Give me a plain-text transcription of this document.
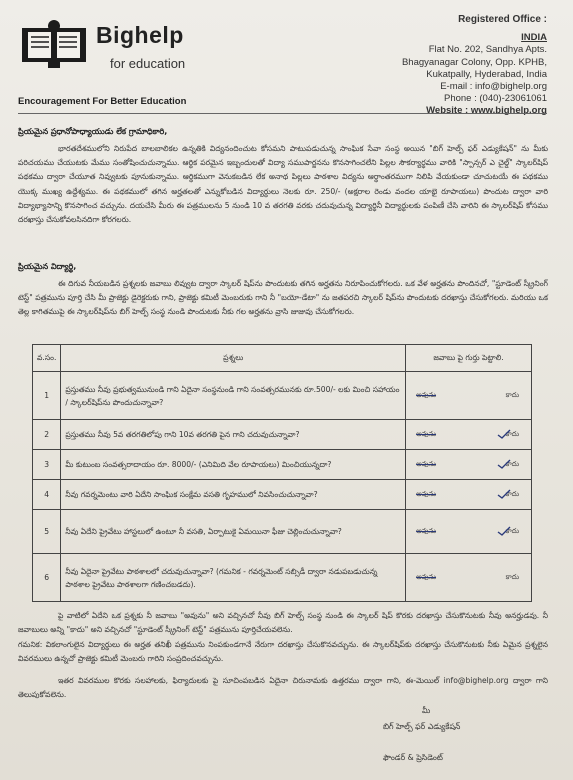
Bighelp
for education
Encouragement For Better Education
Registered Office :
INDIA
Flat No. 202, Sandhya Apts.
Bhagyanagar Colony, Opp. KPHB,
Kukatpally, Hyderabad, India
E-mail : info@bighelp.org
Phone : (040)-23061061
Website : www.bighelp.org
ప్రియమైన ప్రధానోపాధ్యాయుడు లేక గ్రామాధికారి,
భారతదేశములోని నిరుపేద బాలబాలికల ఉన్నతికి విద్యనందించుట కోసమని పాటుపడుచున్న సాంఘిక సేవా సంస్థ అయిన "బిగ్ హెల్ప్ ఫర్ ఎడ్యుకేషన్" ను మీకు పరిచయము చేయుటకు మేము సంతోషించుచున్నాము. ఆర్థిక పరమైన ఇబ్బందులతో విద్యా సముపార్జనను కొనసాగించలేని పిల్లల సౌకర్యార్థము వారికి "స్పాన్సర్ ఎ చైల్డ్" స్కాలర్‌షిప్ పథకము ద్వారా చేయూత నివ్వుటకు పూనుకున్నాము. ఆర్థికముగా వెనుకబడిన లేక అనాథ పిల్లలు పాఠశాల విద్యను ఆర్థాంతరముగా నిలిపి వేయకుండా చూచుటయే ఈ పథకము యొక్క ముఖ్య ఉద్దేశ్యము. ఈ పథకములో తగిన అర్హతలతో ఎన్నుకోబడిన విద్యార్థులు నెలకు రూ. 250/- (అక్షరాల రెండు వందల యాభై రూపాయలు) పొందుట ద్వారా వారి విద్యాభ్యాసాన్ని కొనసాగించ వచ్చును. దయచేసి మీరు ఈ పత్రములను 5 నుండి 10 వ తరగతి వరకు చదువుచున్న విద్యార్థినీ విద్యార్థులకు పంపిణీ చేసి వారిని ఈ స్కాలర్‌షిప్ కోసము దరఖాస్తు చేసుకోవలసినదిగా కోరగలరు.
ప్రియమైన విద్యార్థి,
ఈ దిగువ నీయబడిన ప్రశ్నలకు జవాబు లివ్వుట ద్వారా స్కాలర్ షిప్‌ను పొందుటకు తగిన అర్హతను నిరూపించుకోగలరు. ఒక వేళ అర్హతను పొందినచో, "స్టూడెంట్ స్క్రీనింగ్ టెస్ట్" పత్రమును పూర్తి చేసి మీ ప్రాజెక్టు డైరెక్టరుకు గాని, ప్రాజెక్టు కమిటీ మెంబరుకు గాని నీ "బయో-డేటా" ను జతపరచి స్కాలర్ షిప్‌ను పొందుటకు దరఖాస్తు చేసుకోగలరు. మరియు ఒక తెల్ల కాగితముపై ఈ స్కాలర్‌షిప్‌ను బిగ్ హెల్ప్ సంస్థ నుండి పొందుటకు నీకు గల అర్హతను వ్రాసి జుజువు చేసుకోగలరు.
వ.సం.	ప్రశ్నలు	జవాబు పై గుర్తు పెట్టాలి.
1	ప్రస్తుతము నీవు ప్రభుత్వమునుండి గాని ఏదైనా సంస్థనుండి గాని సంవత్సరమునకు రూ.500/- లకు మించి సహాయం / స్కాలర్‌షిప్‌ను పొందుచున్నావా?	అవును కాదు

2	ప్రస్తుతము నీవు 5వ తరగతిలోపు గాని 10వ తరగతి పైన గాని చదువుచున్నావా?	అవును కాదు

3	మీ కుటుంబ సంవత్సరాదాయం రూ. 8000/- (ఎనిమిది వేల రూపాయలు) మించియున్నదా?	అవును కాదు

4	నీవు గవర్నమెంటు వారి ఏదేని సాంఘిక సంక్షేమ వసతి గృహములో నివసించుచున్నావా?	అవును కాదు

5	నీవు ఏదేని ప్రైవేటు హాస్టలులో ఉంటూ నీ వసతి, ఏర్పాటుకై ఏమయినా ఫీజు చెల్లించుచున్నావా?	అవును కాదు

6	నీవు ఏదైనా ప్రైవేటు పాఠశాలలో చదువుచున్నావా? (గమనిక - గవర్నమెంట్ సబ్సిడీ ద్వారా నడుపబడుచున్న పాఠశాల ప్రైవేటు పాఠశాలగా గణించబడదు).	అవును కాదు
పై వాటిలో ఏదేని ఒక ప్రశ్నకు నీ జవాబు "అవును" అని వచ్చినచో నీవు బిగ్ హెల్ప్ సంస్థ నుండి ఈ స్కాలర్ షిప్ కొరకు దరఖాస్తు చేసుకొనుటకు నీవు అనర్హుడవు. నీ జవాబులు అన్ని "కాదు" అని వచ్చినచో "స్టూడెంట్ స్క్రీనింగ్ టెస్ట్" పత్రమును పూర్తిచేయవలెను.
గమనిక: వికలాంగులైన విద్యార్థులు ఈ అర్హత తనిఖీ పత్రమును నింపకుండగానే నేరుగా దరఖాస్తు చేసుకొనవచ్చును. ఈ స్కాలర్‌షిప్‌కు దరఖాస్తు చేసుకొనుటకు నీకు ఏమైన ప్రశ్నలైన వివరములు ఉన్నచో ప్రాజెక్టు కమిటీ మెంబరు గారిని సంప్రదించవచ్చును.
ఇతర వివరముల కొరకు సలహాలకు, ఫిర్యాదులకు పై సూచింపబడిన ఏదైనా చిరునామకు ఉత్తరము ద్వారా గాని, ఈ-మెయిల్ info@bighelp.org ద్వారా గాని తెలుపుకోవలెను.
మీ
బిగ్ హెల్ప్ ఫర్ ఎడ్యుకేషన్
ఫౌండర్ & ప్రెసిడెంట్
